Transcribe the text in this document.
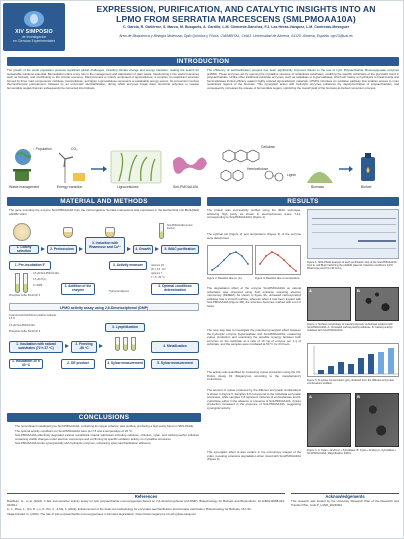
XIV SIMPOSIO
de Investigación
en Ciencias Experimentales
EXPRESSION, PURIFICATION, AND CATALYTIC INSIGHTS INTO AN
LPMO FROM SERRATIA MARCESCENS (SMLPMOAA10A)
C. García, R. Gutiérrez, S. Marco, M. Busquets, A. Carrillo, L.M. Clemente-Sanchez, F.J. Las Heras-Vázquez, L.M. Contreras-Meseguer
Área de Bioquímica y Biología Molecular, Dpto Química y Física, CIAIMBITAL, CeiA3. Universidad de Almería, 04120, Almería, España. cgc23@ual.es
INTRODUCTION
The growth of the world population presents significant global challenges, including climate change and energy transition, making the search for sustainable solutions essential. Biomediation plans a key role in the management and valorization of plant waste, transforming it into useful resources such as biofuels, and contributing to the circular economy. Plant biomass is mainly composed of lignocellulose, a complex of recalcitrant structure formed by three main components: cellulose, hemicellulose, and lignin. Lignocellulose represents a sustainable energy source. Its conversion involves thermochemical pretreatment, followed by an enzymatic saccharification, during which enzymes break down structural polymers to release fermentable sugars that can subsequently be converted into biofuels.
The efficiency of saccharification process has been significantly improved thanks to the use of Lytic Polysaccharide Monooxygenase enzymes (LPMO). These enzymes act by opening the crystalline structure of recalcitrant substrates, oxidizing the specific substrates of the glycosidic bond in polysaccharides. Unlike other traditional substrate enzymes, such as cellulases or β-glucosidases, which act mainly on hydrolysis to break bonds and hemicellulases limited efficacy against highly ordered lignocellulosic materials, LPMOs introduce an oxidative pathway that enables access to more recalcitrant regions of the biomass. This synergistic action with hydrolytic enzymes enhances the depolymerization of polysaccharides, and consequently, increases the release of fermentable sugars, optimizing the overall yield of the biomass-to-biofuel conversion process.
Waste management	Energy transition	Lignocellulose	SmLPMOAA10A
Cellulose
Hemicellulose
Lignin
Biomass	Biofuel
↑ Population	CO₂
MATERIAL AND METHODS
The gene encoding the enzyme SmLPMOAA10A from the microorganism Serratia marcescens was expressed in the Escherichia coli BL21(DE3) pADM2 strain.
SmLPMOAA10A protein fraction
1. Colony selection	2. Preinoculum
3. Induction with Rhamnose and Cu²⁺
4. Growth	5. IMAC purification
1. Pre-incubation 5'
2. Addition of the enzyme
3. Activity measure
4. Optimal conditions determination
0,5 μM SmLPMOAA10A
4,5 μM H₂O₂
1m DMP
Phosphate buffer 50mM pH 6
optimum pH
pH = 5,5 - 8,2
optimum T
T = 5 - 80 °C
Hydrocoerulignone
LPMO activity assay using 2,6-Dimetoxiphenol (DMP)
Xylan/Avicel/Chitin/Microcrystalline Cellulose 0,5 %
0,5 μM SmLPMOAA10A
Phosphate buffer 50mM pH 6
1. Incubation with natural substrates (72 h 37 ºC)
2. Freezing -80 ºC
3. Lyophilization
4. Metallization
5. Sylow measurement
1. Incubation 20 h 40 ºC	2. DE product	3. Sylow measurement
CONCLUSIONS
• The recombinant metalloenzyme SmLPMOAA10A, containing its copper cofactor, was purified, producing a high purity band on SDS-PAGE.
• The optimal activity conditions for SmLPMOAA10A were pH 7.5 and a temperature of 25 °C.
• SmLPMOAA10A effectively degraded various recalcitrant natural substrates including cellulose, chitosan, xylan, and carboxymethyl cellulose containing visible changes under electron microscope and confirming its specific oxidation activity on crystalline structures.
• SmLPMOAA10A works synergistically with hydrolytic enzymes, enhancing xylan saccharification efficiency.
RESULTS
The protein was successfully purified using the IMAC technique, achieving high purity as shown in electrophoresis (Lane 7-12, corresponding to SmLPMOAA10A) (Figure 1).
The optimal pH (Figure 2) and temperature (Figure 3) of the enzyme were determined.
Figure 1. SDS-PAGE analysis of each purification step of the SmLPMOAA10A from E. coli BL21 harboring the pADM2 plasmid. Induction conditions 0,2% Rhamnose and 0,5 mM CuCl₂.
Figure 2. Reaction rate vs. pH.	Figure 3. Reaction rate vs temperature.
The degradation effect of the enzyme SmLPMOAA10A on natural substrates was observed using field emission scanning electron microscopy (FESEM). As shown in figure 4A, untreated carboxymethyl cellulose has a smooth surface, whereas when it has been treated with SmLPMOAA10A (Figure 4B), the structure becomes marked with a lot of holes.
The next step was to investigate the potential synergistic effect between the hydrolytic enzyme β-glucosidase and SmLPMOAA10A, measuring xylose production and examining the possible synergy between both enzymes on the substrate at a ratio of 10 mg of enzyme per 1 g of substrate, and the samples were incubated at 50 °C for 24 hours.
The activity was quantified by measuring xylose production using the 3,5-Dinitro Assay Kit (Megazyme) according to the manufacturer's instructions.
The amount of xylose produced by the different enzymatic combinations is shown in Figure 5. Samples 3-6 correspond to the individual enzymatic processes, while samples 7-8 represent mixtures of endoxylanase and β-xylosidase, either in the absence or presence of SmLPMOAA10A. Xylose production increased in the presence of SmLPMOAA10A, suggesting synergistic activity.
This synergistic effect is also evident in the microscopy images of the xylan, revealing extensive degradation when mixed with SmLPMOAA10A (Figure 6).
A	B
Figure 4. Surface morphology of natural polymeric substrates oxidized with SmLPMOAA10A. A. Untreated carboxymethyl cellulose, B. Carboxymethyl cellulose with SmLPMOAA10A.
Figure 5. D-xylose concentration (g/L) obtained from the different enzymatic combinations studied.
A	B
Figure 6. A: Xylan + Endoxyl + Xylosidase; B: Xylan + Endoxyl + Xylosidase + SmLPMOAA10A. Magnification 2000×.
References
Brasileiro, G., et al. (2024). A fast and sensitive activity assay for lytic polysaccharide monooxygenase based on 2,6-dimethoxyphenol (2,6-DMP). Biotechnology for Biofuels and Bioproducts, 10.1186/s13068-024-02494-z
Li, J., Zhao, L., Qin, R., Lu, P., Wu, X., & Ma, F. (2023). Enhancement of the fresh-cut methodology for enzymatic saccharification and biomass valorization. Biotechnology for Biofuels, 16:1:62.
Vaaje-Kolstad, G. (2010). The role of lytic polysaccharide monooxygenases in biomass degradation. https://www.megazyme.com/d-xylose-assay-kit
Acknowledgements
This research was funded by the University Research Plan of the Research and Transfer Plan, code P_LAND_2023/004.
